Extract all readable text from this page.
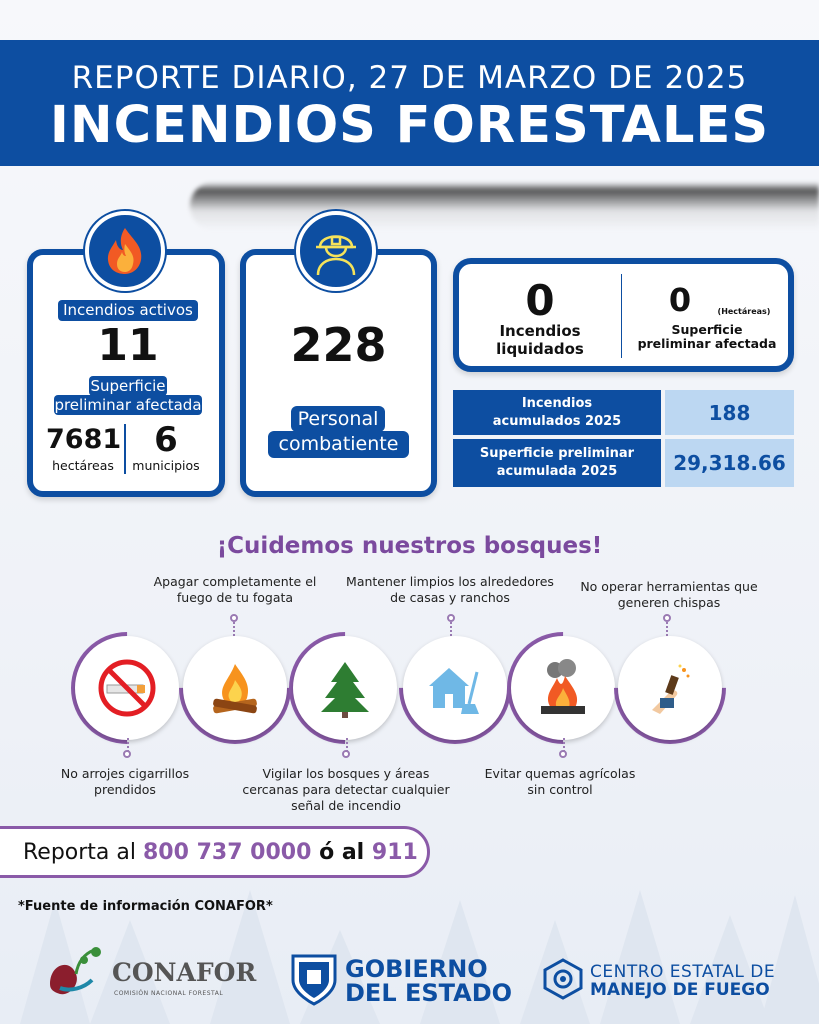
REPORTE DIARIO, 27 DE MARZO DE 2025
INCENDIOS FORESTALES
Incendios activos
11
Superficie
preliminar afectada
7681
hectáreas
6
municipios
228
Personal
combatiente
0
Incendios
liquidados
0	(Hectáreas)
Superficie
preliminar afectada
Incendios
acumulados 2025	188
Superficie preliminar
acumulada 2025	29,318.66
¡Cuidemos nuestros bosques!
Apagar completamente el
fuego de tu fogata
Mantener limpios los alrededores
de casas y ranchos
No operar herramientas que
generen chispas
No arrojes cigarrillos
prendidos
Vigilar los bosques y áreas
cercanas para detectar cualquier
señal de incendio
Evitar quemas agrícolas
sin control
Reporta al 800 737 0000 ó al 911
*Fuente de información CONAFOR*
CONAFOR
COMISIÓN NACIONAL FORESTAL
GOBIERNO
DEL ESTADO
CENTRO ESTATAL DE
MANEJO DE FUEGO
